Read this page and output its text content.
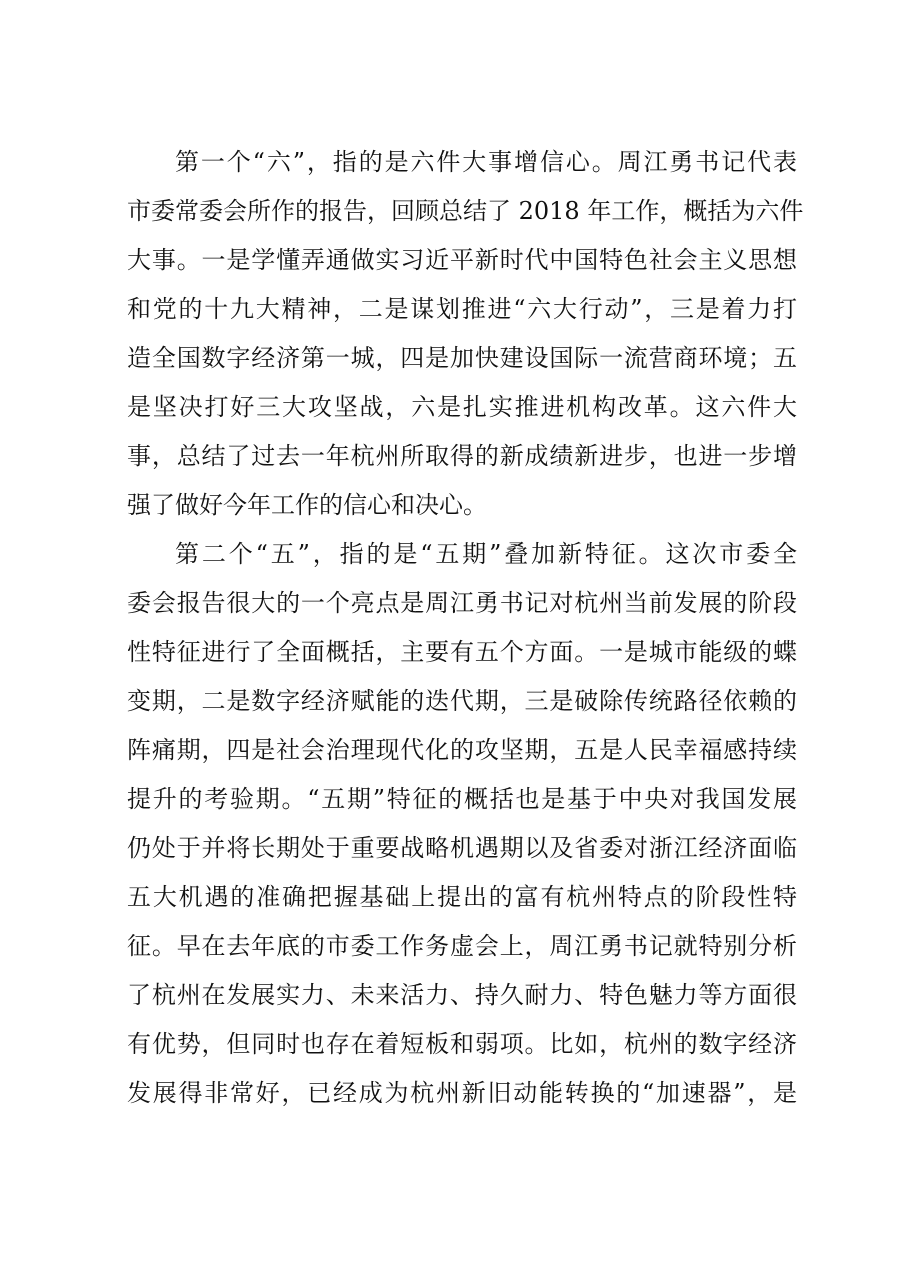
第一个“六”，指的是六件大事增信心。周江勇书记代表
市委常委会所作的报告，回顾总结了 2018 年工作，概括为六件
大事。一是学懂弄通做实习近平新时代中国特色社会主义思想
和党的十九大精神，二是谋划推进“六大行动”，三是着力打
造全国数字经济第一城，四是加快建设国际一流营商环境；五
是坚决打好三大攻坚战，六是扎实推进机构改革。这六件大
事，总结了过去一年杭州所取得的新成绩新进步，也进一步增
强了做好今年工作的信心和决心。
第二个“五”，指的是“五期”叠加新特征。这次市委全
委会报告很大的一个亮点是周江勇书记对杭州当前发展的阶段
性特征进行了全面概括，主要有五个方面。一是城市能级的蝶
变期，二是数字经济赋能的迭代期，三是破除传统路径依赖的
阵痛期，四是社会治理现代化的攻坚期，五是人民幸福感持续
提升的考验期。“五期”特征的概括也是基于中央对我国发展
仍处于并将长期处于重要战略机遇期以及省委对浙江经济面临
五大机遇的准确把握基础上提出的富有杭州特点的阶段性特
征。早在去年底的市委工作务虚会上，周江勇书记就特别分析
了杭州在发展实力、未来活力、持久耐力、特色魅力等方面很
有优势，但同时也存在着短板和弱项。比如，杭州的数字经济
发展得非常好，已经成为杭州新旧动能转换的“加速器”，是
